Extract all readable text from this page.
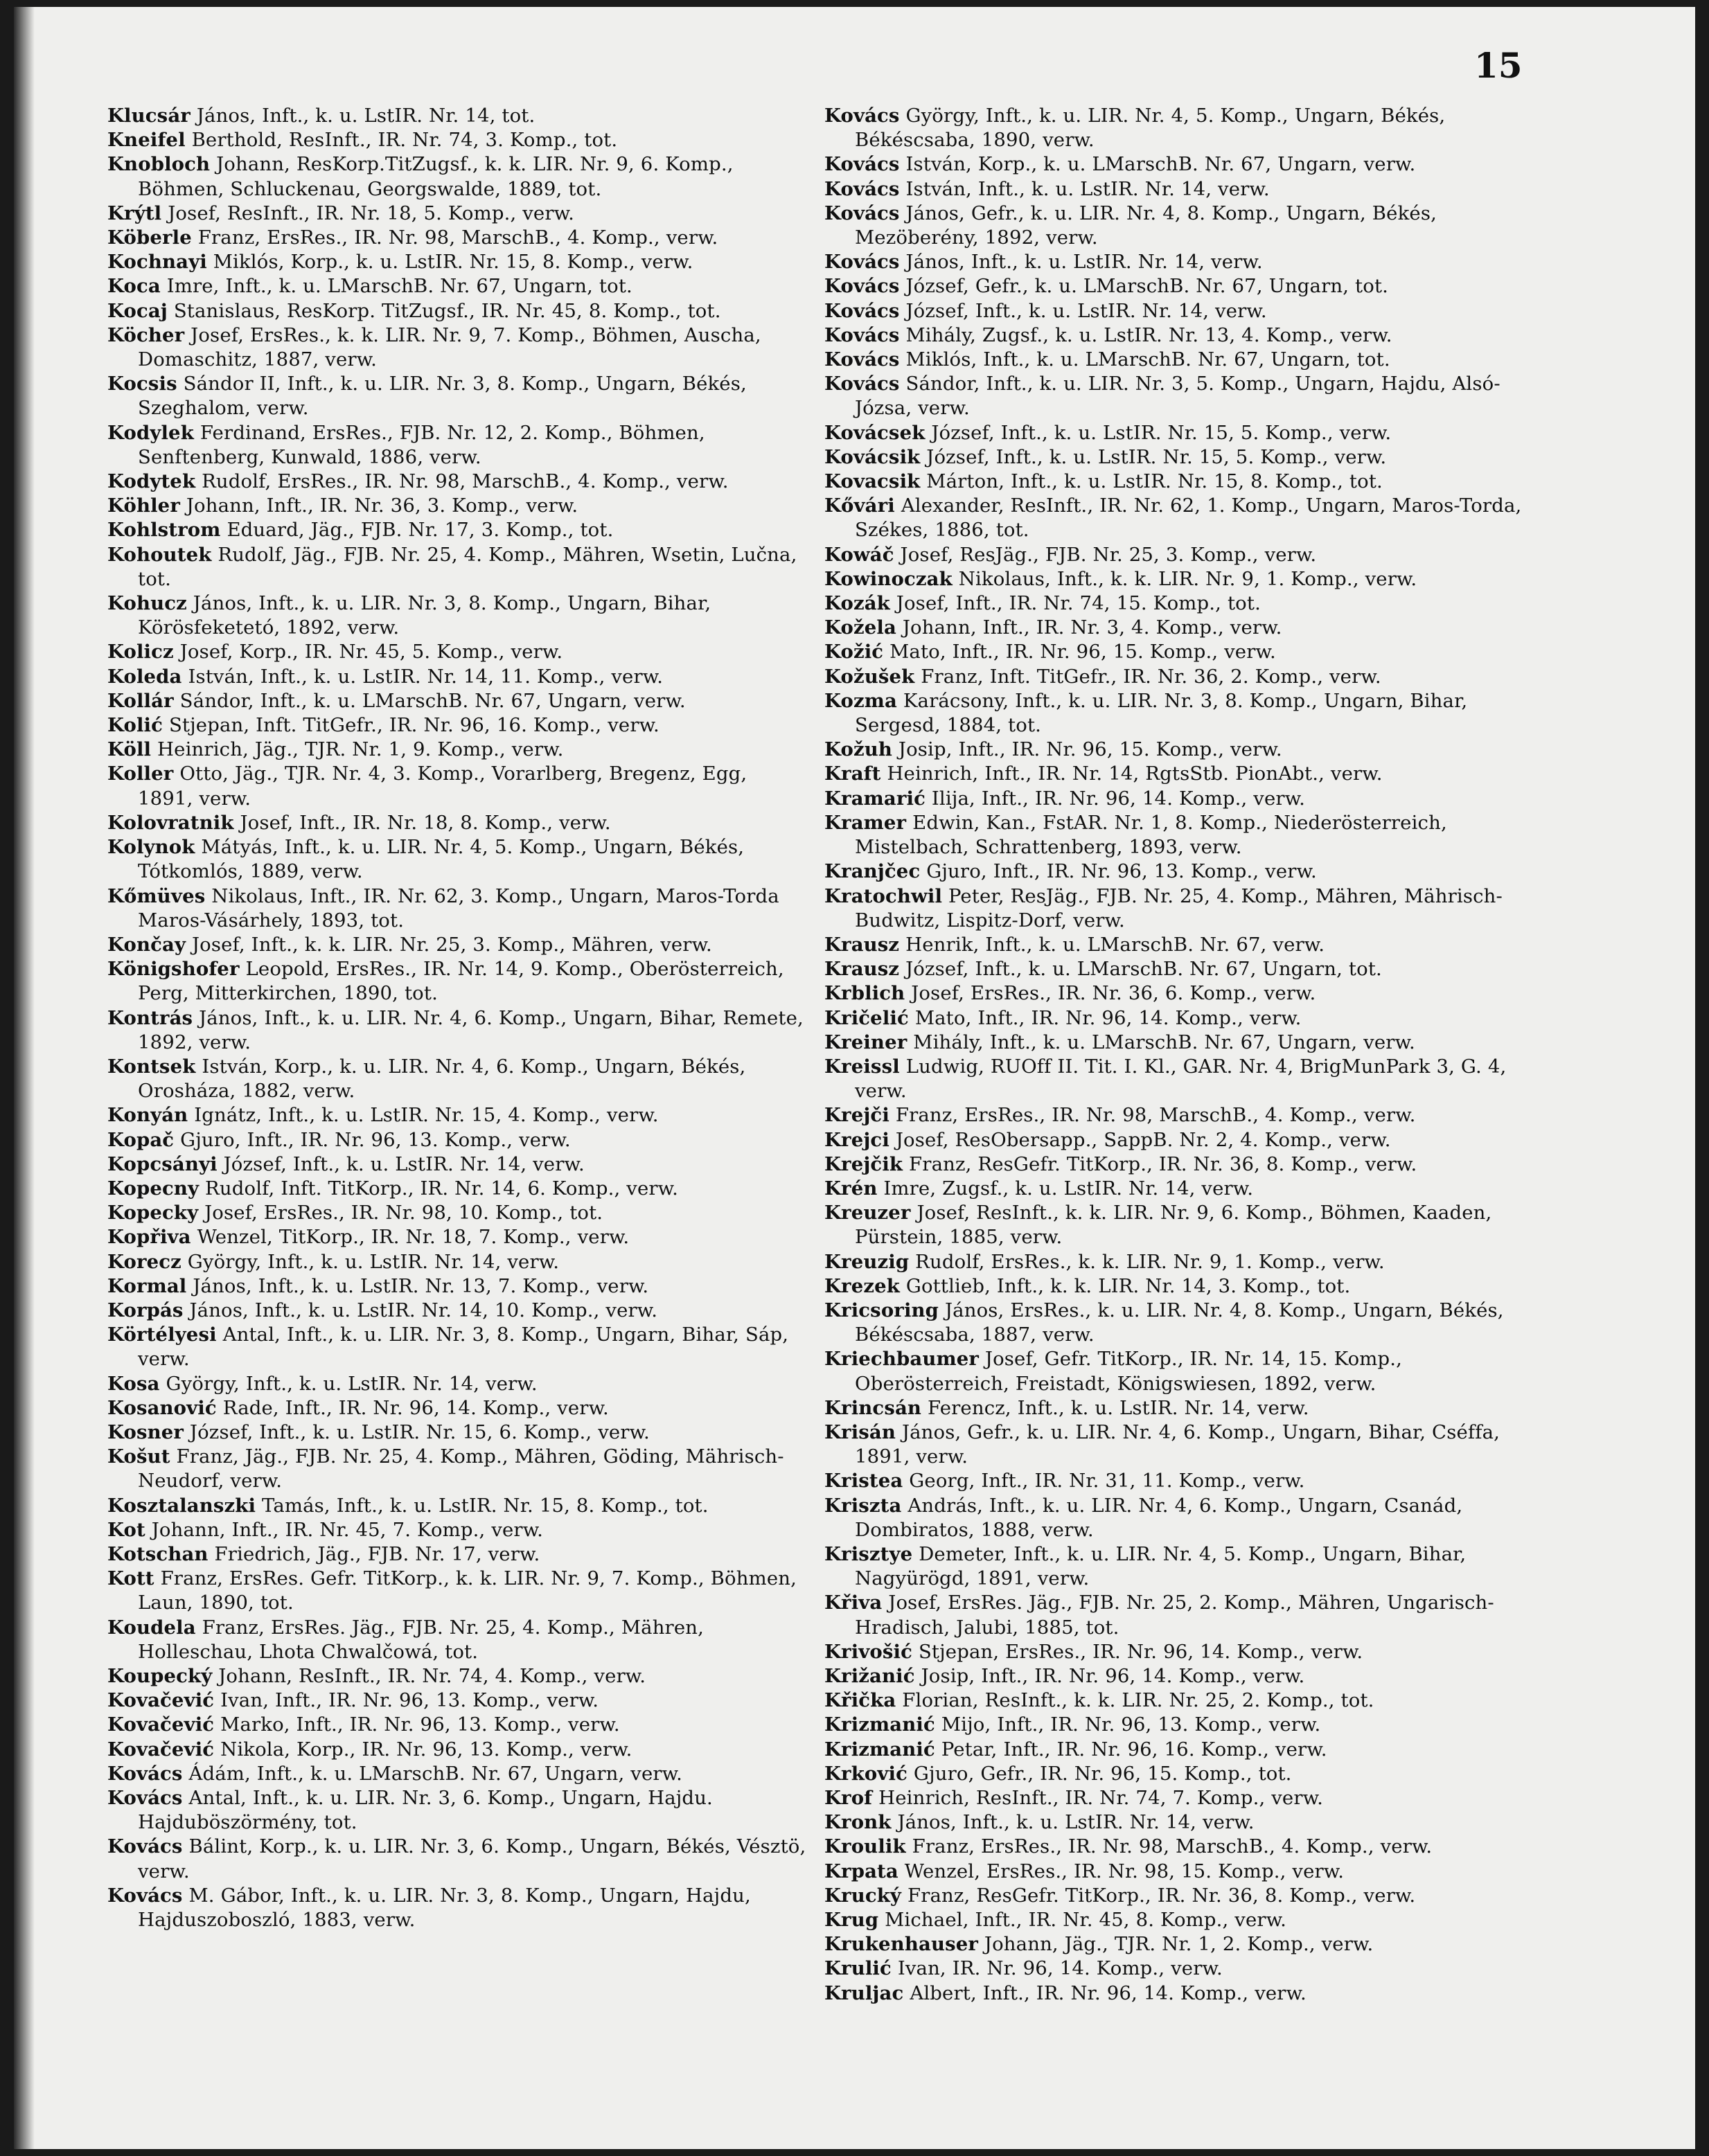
15

Klucsár János, Inft., k. u. LstIR. Nr. 14, tot.

Kneifel Berthold, ResInft., IR. Nr. 74, 3. Komp., tot.

Knobloch Johann, ResKorp.TitZugsf., k. k. LIR. Nr. 9, 6. Komp., Böhmen, Schluckenau, Georgswalde, 1889, tot.

Krýtl Josef, ResInft., IR. Nr. 18, 5. Komp., verw.

Köberle Franz, ErsRes., IR. Nr. 98, MarschB., 4. Komp., verw.

Kochnayi Miklós, Korp., k. u. LstIR. Nr. 15, 8. Komp., verw.

Koca Imre, Inft., k. u. LMarschB. Nr. 67, Ungarn, tot.

Kocaj Stanislaus, ResKorp. TitZugsf., IR. Nr. 45, 8. Komp., tot.

Köcher Josef, ErsRes., k. k. LIR. Nr. 9, 7. Komp., Böhmen, Auscha, Domaschitz, 1887, verw.

Kocsis Sándor II, Inft., k. u. LIR. Nr. 3, 8. Komp., Ungarn, Békés, Szeghalom, verw.

Kodylek Ferdinand, ErsRes., FJB. Nr. 12, 2. Komp., Böhmen, Senftenberg, Kunwald, 1886, verw.

Kodytek Rudolf, ErsRes., IR. Nr. 98, MarschB., 4. Komp., verw.

Köhler Johann, Inft., IR. Nr. 36, 3. Komp., verw.

Kohlstrom Eduard, Jäg., FJB. Nr. 17, 3. Komp., tot.

Kohoutek Rudolf, Jäg., FJB. Nr. 25, 4. Komp., Mähren, Wsetin, Lučna, tot.

Kohucz János, Inft., k. u. LIR. Nr. 3, 8. Komp., Ungarn, Bihar, Körösfeketetó, 1892, verw.

Kolicz Josef, Korp., IR. Nr. 45, 5. Komp., verw.

Koleda István, Inft., k. u. LstIR. Nr. 14, 11. Komp., verw.

Kollár Sándor, Inft., k. u. LMarschB. Nr. 67, Ungarn, verw.

Kolić Stjepan, Inft. TitGefr., IR. Nr. 96, 16. Komp., verw.

Köll Heinrich, Jäg., TJR. Nr. 1, 9. Komp., verw.

Koller Otto, Jäg., TJR. Nr. 4, 3. Komp., Vorarlberg, Bregenz, Egg, 1891, verw.

Kolovratnik Josef, Inft., IR. Nr. 18, 8. Komp., verw.

Kolynok Mátyás, Inft., k. u. LIR. Nr. 4, 5. Komp., Ungarn, Békés, Tótkomlós, 1889, verw.

Kőmüves Nikolaus, Inft., IR. Nr. 62, 3. Komp., Ungarn, Maros-Torda Maros-Vásárhely, 1893, tot.

Končay Josef, Inft., k. k. LIR. Nr. 25, 3. Komp., Mähren, verw.

Königshofer Leopold, ErsRes., IR. Nr. 14, 9. Komp., Oberösterreich, Perg, Mitterkirchen, 1890, tot.

Kontrás János, Inft., k. u. LIR. Nr. 4, 6. Komp., Ungarn, Bihar, Remete, 1892, verw.

Kontsek István, Korp., k. u. LIR. Nr. 4, 6. Komp., Ungarn, Békés, Orosháza, 1882, verw.

Konyán Ignátz, Inft., k. u. LstIR. Nr. 15, 4. Komp., verw.

Kopač Gjuro, Inft., IR. Nr. 96, 13. Komp., verw.

Kopcsányi József, Inft., k. u. LstIR. Nr. 14, verw.

Kopecny Rudolf, Inft. TitKorp., IR. Nr. 14, 6. Komp., verw.

Kopecky Josef, ErsRes., IR. Nr. 98, 10. Komp., tot.

Kopřiva Wenzel, TitKorp., IR. Nr. 18, 7. Komp., verw.

Korecz György, Inft., k. u. LstIR. Nr. 14, verw.

Kormal János, Inft., k. u. LstIR. Nr. 13, 7. Komp., verw.

Korpás János, Inft., k. u. LstIR. Nr. 14, 10. Komp., verw.

Körtélyesi Antal, Inft., k. u. LIR. Nr. 3, 8. Komp., Ungarn, Bihar, Sáp, verw.

Kosa György, Inft., k. u. LstIR. Nr. 14, verw.

Kosanović Rade, Inft., IR. Nr. 96, 14. Komp., verw.

Kosner József, Inft., k. u. LstIR. Nr. 15, 6. Komp., verw.

Košut Franz, Jäg., FJB. Nr. 25, 4. Komp., Mähren, Göding, Mährisch-Neudorf, verw.

Kosztalanszki Tamás, Inft., k. u. LstIR. Nr. 15, 8. Komp., tot.

Kot Johann, Inft., IR. Nr. 45, 7. Komp., verw.

Kotschan Friedrich, Jäg., FJB. Nr. 17, verw.

Kott Franz, ErsRes. Gefr. TitKorp., k. k. LIR. Nr. 9, 7. Komp., Böhmen, Laun, 1890, tot.

Koudela Franz, ErsRes. Jäg., FJB. Nr. 25, 4. Komp., Mähren, Holleschau, Lhota Chwalčowá, tot.

Koupecký Johann, ResInft., IR. Nr. 74, 4. Komp., verw.

Kovačević Ivan, Inft., IR. Nr. 96, 13. Komp., verw.

Kovačević Marko, Inft., IR. Nr. 96, 13. Komp., verw.

Kovačević Nikola, Korp., IR. Nr. 96, 13. Komp., verw.

Kovács Ádám, Inft., k. u. LMarschB. Nr. 67, Ungarn, verw.

Kovács Antal, Inft., k. u. LIR. Nr. 3, 6. Komp., Ungarn, Hajdu. Hajduböszörmény, tot.

Kovács Bálint, Korp., k. u. LIR. Nr. 3, 6. Komp., Ungarn, Békés, Vésztö, verw.

Kovács M. Gábor, Inft., k. u. LIR. Nr. 3, 8. Komp., Ungarn, Hajdu, Hajduszoboszló, 1883, verw.

Kovács György, Inft., k. u. LIR. Nr. 4, 5. Komp., Ungarn, Békés, Békéscsaba, 1890, verw.

Kovács István, Korp., k. u. LMarschB. Nr. 67, Ungarn, verw.

Kovács István, Inft., k. u. LstIR. Nr. 14, verw.

Kovács János, Gefr., k. u. LIR. Nr. 4, 8. Komp., Ungarn, Békés, Mezöberény, 1892, verw.

Kovács János, Inft., k. u. LstIR. Nr. 14, verw.

Kovács József, Gefr., k. u. LMarschB. Nr. 67, Ungarn, tot.

Kovács József, Inft., k. u. LstIR. Nr. 14, verw.

Kovács Mihály, Zugsf., k. u. LstIR. Nr. 13, 4. Komp., verw.

Kovács Miklós, Inft., k. u. LMarschB. Nr. 67, Ungarn, tot.

Kovács Sándor, Inft., k. u. LIR. Nr. 3, 5. Komp., Ungarn, Hajdu, Alsó-Józsa, verw.

Kovácsek József, Inft., k. u. LstIR. Nr. 15, 5. Komp., verw.

Kovácsik József, Inft., k. u. LstIR. Nr. 15, 5. Komp., verw.

Kovacsik Márton, Inft., k. u. LstIR. Nr. 15, 8. Komp., tot.

Kővári Alexander, ResInft., IR. Nr. 62, 1. Komp., Ungarn, Maros-Torda, Székes, 1886, tot.

Kowáč Josef, ResJäg., FJB. Nr. 25, 3. Komp., verw.

Kowinoczak Nikolaus, Inft., k. k. LIR. Nr. 9, 1. Komp., verw.

Kozák Josef, Inft., IR. Nr. 74, 15. Komp., tot.

Kožela Johann, Inft., IR. Nr. 3, 4. Komp., verw.

Kožić Mato, Inft., IR. Nr. 96, 15. Komp., verw.

Kožušek Franz, Inft. TitGefr., IR. Nr. 36, 2. Komp., verw.

Kozma Karácsony, Inft., k. u. LIR. Nr. 3, 8. Komp., Ungarn, Bihar, Sergesd, 1884, tot.

Kožuh Josip, Inft., IR. Nr. 96, 15. Komp., verw.

Kraft Heinrich, Inft., IR. Nr. 14, RgtsStb. PionAbt., verw.

Kramarić Ilija, Inft., IR. Nr. 96, 14. Komp., verw.

Kramer Edwin, Kan., FstAR. Nr. 1, 8. Komp., Niederösterreich, Mistelbach, Schrattenberg, 1893, verw.

Kranjčec Gjuro, Inft., IR. Nr. 96, 13. Komp., verw.

Kratochwil Peter, ResJäg., FJB. Nr. 25, 4. Komp., Mähren, Mährisch-Budwitz, Lispitz-Dorf, verw.

Krausz Henrik, Inft., k. u. LMarschB. Nr. 67, verw.

Krausz József, Inft., k. u. LMarschB. Nr. 67, Ungarn, tot.

Krblich Josef, ErsRes., IR. Nr. 36, 6. Komp., verw.

Kričelić Mato, Inft., IR. Nr. 96, 14. Komp., verw.

Kreiner Mihály, Inft., k. u. LMarschB. Nr. 67, Ungarn, verw.

Kreissl Ludwig, RUOff II. Tit. I. Kl., GAR. Nr. 4, BrigMunPark 3, G. 4, verw.

Krejči Franz, ErsRes., IR. Nr. 98, MarschB., 4. Komp., verw.

Krejci Josef, ResObersapp., SappB. Nr. 2, 4. Komp., verw.

Krejčik Franz, ResGefr. TitKorp., IR. Nr. 36, 8. Komp., verw.

Krén Imre, Zugsf., k. u. LstIR. Nr. 14, verw.

Kreuzer Josef, ResInft., k. k. LIR. Nr. 9, 6. Komp., Böhmen, Kaaden, Pürstein, 1885, verw.

Kreuzig Rudolf, ErsRes., k. k. LIR. Nr. 9, 1. Komp., verw.

Krezek Gottlieb, Inft., k. k. LIR. Nr. 14, 3. Komp., tot.

Kricsoring János, ErsRes., k. u. LIR. Nr. 4, 8. Komp., Ungarn, Békés, Békéscsaba, 1887, verw.

Kriechbaumer Josef, Gefr. TitKorp., IR. Nr. 14, 15. Komp., Oberösterreich, Freistadt, Königswiesen, 1892, verw.

Krincsán Ferencz, Inft., k. u. LstIR. Nr. 14, verw.

Krisán János, Gefr., k. u. LIR. Nr. 4, 6. Komp., Ungarn, Bihar, Cséffa, 1891, verw.

Kristea Georg, Inft., IR. Nr. 31, 11. Komp., verw.

Kriszta András, Inft., k. u. LIR. Nr. 4, 6. Komp., Ungarn, Csanád, Dombiratos, 1888, verw.

Krisztye Demeter, Inft., k. u. LIR. Nr. 4, 5. Komp., Ungarn, Bihar, Nagyürögd, 1891, verw.

Křiva Josef, ErsRes. Jäg., FJB. Nr. 25, 2. Komp., Mähren, Ungarisch-Hradisch, Jalubi, 1885, tot.

Krivošić Stjepan, ErsRes., IR. Nr. 96, 14. Komp., verw.

Križanić Josip, Inft., IR. Nr. 96, 14. Komp., verw.

Křička Florian, ResInft., k. k. LIR. Nr. 25, 2. Komp., tot.

Krizmanić Mijo, Inft., IR. Nr. 96, 13. Komp., verw.

Krizmanić Petar, Inft., IR. Nr. 96, 16. Komp., verw.

Krković Gjuro, Gefr., IR. Nr. 96, 15. Komp., tot.

Krof Heinrich, ResInft., IR. Nr. 74, 7. Komp., verw.

Kronk János, Inft., k. u. LstIR. Nr. 14, verw.

Kroulik Franz, ErsRes., IR. Nr. 98, MarschB., 4. Komp., verw.

Krpata Wenzel, ErsRes., IR. Nr. 98, 15. Komp., verw.

Krucký Franz, ResGefr. TitKorp., IR. Nr. 36, 8. Komp., verw.

Krug Michael, Inft., IR. Nr. 45, 8. Komp., verw.

Krukenhauser Johann, Jäg., TJR. Nr. 1, 2. Komp., verw.

Krulić Ivan, IR. Nr. 96, 14. Komp., verw.

Kruljac Albert, Inft., IR. Nr. 96, 14. Komp., verw.
